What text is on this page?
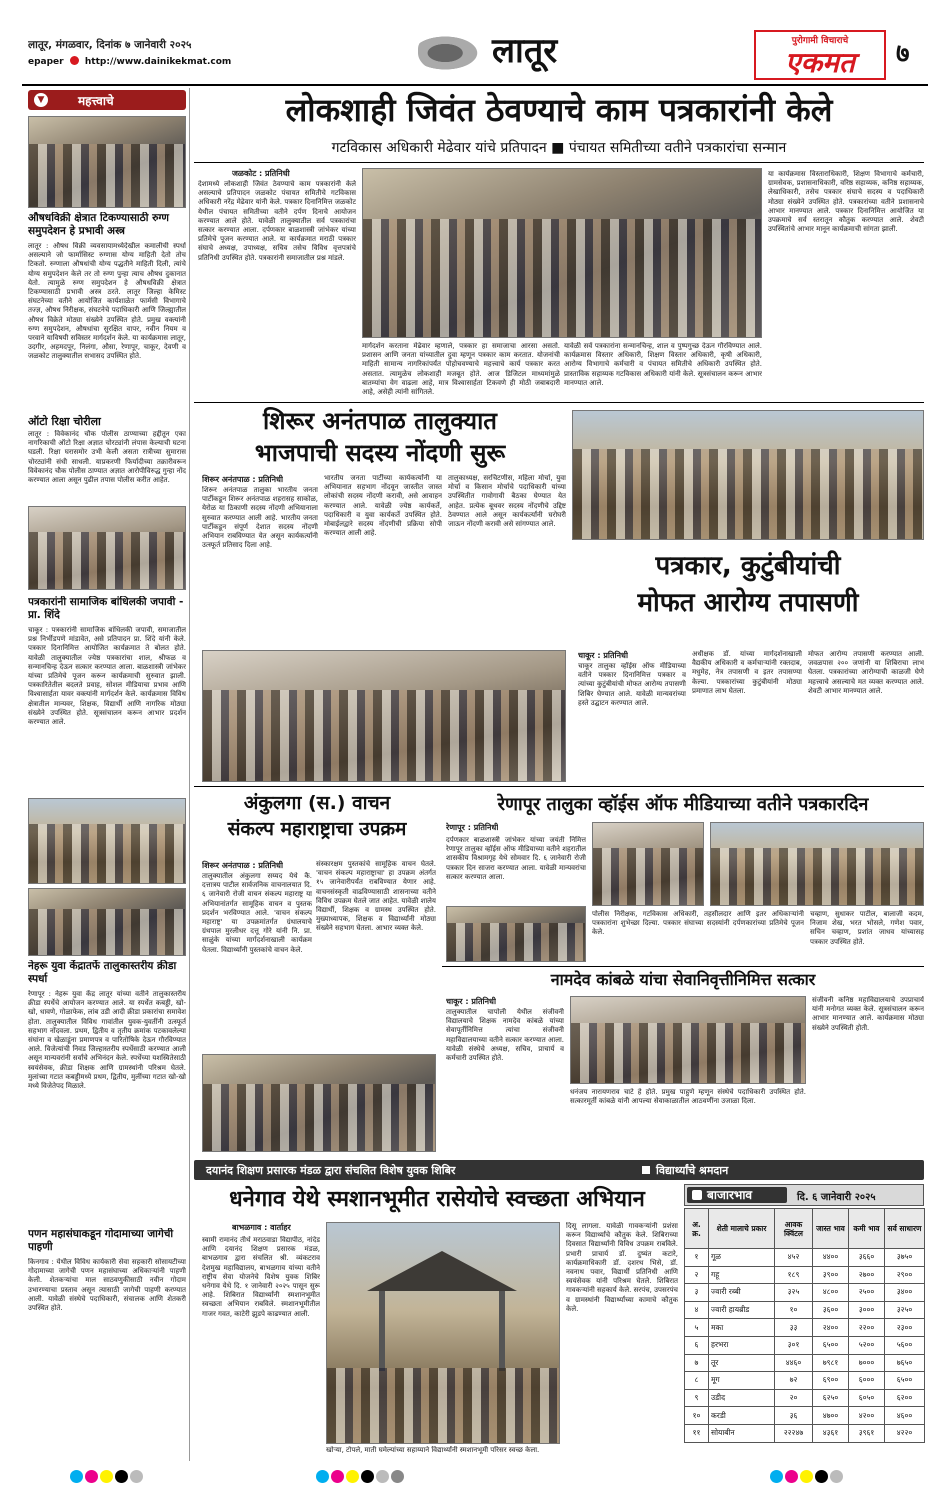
लातूर, मंगळवार, दिनांक ७ जानेवारी २०२५
epaper http://www.dainikekmat.com	लातूर	पुरोगामी विचाराचे
एकमत	७
▼	महत्त्वाचे
औषधविक्री क्षेत्रात टिकण्यासाठी रुग्ण समुपदेशन हे प्रभावी अस्त्र
लातूर : औषध विक्री व्यवसायामध्येदेखील कमालीची स्पर्धा असल्याने जो फार्मासिस्ट रुग्णास योग्य माहिती देतो तोच टिकतो. रुग्णाला औषधांची योग्य पद्धतीने माहिती दिली, त्यांचे योग्य समुपदेशन केले तर तो रुग्ण पुन्हा त्याच औषध दुकानात येतो. त्यामुळे रुग्ण समुपदेशन हे औषधविक्री क्षेत्रात टिकण्यासाठी प्रभावी अस्त्र ठरते. लातूर जिल्हा केमिस्ट संघटनेच्या वतीने आयोजित कार्यशाळेत फार्मसी विभागाचे तज्ज्ञ, औषध निरीक्षक, संघटनेचे पदाधिकारी आणि जिल्ह्यातील औषध विक्रेते मोठ्या संख्येने उपस्थित होते. प्रमुख वक्त्यांनी रुग्ण समुपदेशन, औषधांचा सुरक्षित वापर, नवीन नियम व परवाने याविषयी सविस्तर मार्गदर्शन केले. या कार्यक्रमास लातूर, उदगीर, अहमदपूर, निलंगा, औसा, रेणापूर, चाकूर, देवणी व जळकोट तालुक्यातील सभासद उपस्थित होते.
ऑटो रिक्षा चोरीला
लातूर : विवेकानंद चौक पोलीस ठाण्याच्या हद्दीतून एका नागरिकाची ऑटो रिक्षा अज्ञात चोरट्यांनी लंपास केल्याची घटना घडली. रिक्षा घरासमोर उभी केली असता रात्रीच्या सुमारास चोरट्यांनी संधी साधली. याप्रकरणी फिर्यादीच्या तक्रारीवरून विवेकानंद चौक पोलीस ठाण्यात अज्ञात आरोपीविरुद्ध गुन्हा नोंद करण्यात आला असून पुढील तपास पोलीस करीत आहेत.
पत्रकारांनी सामाजिक बांधिलकी जपावी - प्रा. शिंदे
चाकूर : पत्रकारांनी सामाजिक बांधिलकी जपावी, समाजातील प्रश्न निर्भीडपणे मांडावेत, असे प्रतिपादन प्रा. शिंदे यांनी केले. पत्रकार दिनानिमित्त आयोजित कार्यक्रमात ते बोलत होते. यावेळी तालुक्यातील ज्येष्ठ पत्रकारांचा शाल, श्रीफळ व सन्मानचिन्ह देऊन सत्कार करण्यात आला. बाळशास्त्री जांभेकर यांच्या प्रतिमेचे पूजन करून कार्यक्रमाची सुरुवात झाली. पत्रकारितेतील बदलते प्रवाह, सोशल मीडियाचा प्रभाव आणि विश्वासार्हता यावर वक्त्यांनी मार्गदर्शन केले. कार्यक्रमास विविध क्षेत्रातील मान्यवर, शिक्षक, विद्यार्थी आणि नागरिक मोठ्या संख्येने उपस्थित होते. सूत्रसंचालन करून आभार प्रदर्शन करण्यात आले.
नेहरू युवा केंद्रातर्फे तालुकास्तरीय क्रीडा स्पर्धा
रेणापूर : नेहरू युवा केंद्र लातूर यांच्या वतीने तालुकास्तरीय क्रीडा स्पर्धेचे आयोजन करण्यात आले. या स्पर्धेत कबड्डी, खो-खो, धावणे, गोळाफेक, लांब उडी आदी क्रीडा प्रकारांचा समावेश होता. तालुक्यातील विविध गावांतील युवक-युवतींनी उत्स्फूर्त सहभाग नोंदवला. प्रथम, द्वितीय व तृतीय क्रमांक पटकावलेल्या संघांना व खेळाडूंना प्रमाणपत्र व पारितोषिके देऊन गौरविण्यात आले. विजेत्यांची निवड जिल्हास्तरीय स्पर्धेसाठी करण्यात आली असून मान्यवरांनी सर्वांचे अभिनंदन केले. स्पर्धेच्या यशस्वितेसाठी स्वयंसेवक, क्रीडा शिक्षक आणि ग्रामस्थांनी परिश्रम घेतले. मुलांच्या गटात कबड्डीमध्ये प्रथम, द्वितीय, मुलींच्या गटात खो-खो मध्ये विजेतेपद मिळाले.
पणन महासंघाकडून गोदामाच्या जागेची पाहणी
किनगाव : येथील विविध कार्यकारी सेवा सहकारी सोसायटीच्या गोदामाच्या जागेची पणन महासंघाच्या अधिकाऱ्यांनी पाहणी केली. शेतकऱ्यांचा माल साठवणुकीसाठी नवीन गोदाम उभारण्याचा प्रस्ताव असून त्यासाठी जागेची पाहणी करण्यात आली. यावेळी संस्थेचे पदाधिकारी, संचालक आणि शेतकरी उपस्थित होते.
लोकशाही जिवंत ठेवण्याचे काम पत्रकारांनी केले
गटविकास अधिकारी मेढेवार यांचे प्रतिपादन ■ पंचायत समितीच्या वतीने पत्रकारांचा सन्मान
जळकोट : प्रतिनिधी
देशामध्ये लोकशाही जिवंत ठेवण्याचे काम पत्रकारांनी केले असल्याचे प्रतिपादन जळकोट पंचायत समितीचे गटविकास अधिकारी नरेंद्र मेढेवार यांनी केले. पत्रकार दिनानिमित्त जळकोट येथील पंचायत समितीच्या वतीने दर्पण दिनाचे आयोजन करण्यात आले होते. यावेळी तालुक्यातील सर्व पत्रकारांचा सत्कार करण्यात आला. दर्पणकार बाळशास्त्री जांभेकर यांच्या प्रतिमेचे पूजन करण्यात आले. या कार्यक्रमात मराठी पत्रकार संघाचे अध्यक्ष, उपाध्यक्ष, सचिव तसेच विविध वृत्तपत्रांचे प्रतिनिधी उपस्थित होते. पत्रकारांनी समाजातील प्रश्न मांडले.
मार्गदर्शन करताना मेढेवार म्हणाले, पत्रकार हा समाजाचा आरसा असतो. प्रशासन आणि जनता यांच्यातील दुवा म्हणून पत्रकार काम करतात. योजनांची माहिती सामान्य नागरिकांपर्यंत पोहोचवण्याचे महत्त्वाचे कार्य पत्रकार करत असतात. त्यामुळेच लोकशाही मजबूत होते. आज डिजिटल माध्यमांमुळे बातम्यांचा वेग वाढला आहे, मात्र विश्वासार्हता टिकवणे ही मोठी जबाबदारी आहे, असेही त्यांनी सांगितले.
यावेळी सर्व पत्रकारांना सन्मानचिन्ह, शाल व पुष्पगुच्छ देऊन गौरविण्यात आले. कार्यक्रमास विस्तार अधिकारी, शिक्षण विस्तार अधिकारी, कृषी अधिकारी, आरोग्य विभागाचे कर्मचारी व पंचायत समितीचे अधिकारी उपस्थित होते. प्रास्ताविक सहाय्यक गटविकास अधिकारी यांनी केले. सूत्रसंचालन करून आभार मानण्यात आले.
या कार्यक्रमास विस्ताराधिकारी, शिक्षण विभागाचे कर्मचारी, ग्रामसेवक, प्रशासनाधिकारी, वरिष्ठ सहाय्यक, कनिष्ठ सहाय्यक, लेखाधिकारी, तसेच पत्रकार संघाचे सदस्य व पदाधिकारी मोठ्या संख्येने उपस्थित होते. पत्रकारांच्या वतीने प्रशासनाचे आभार मानण्यात आले. पत्रकार दिनानिमित्त आयोजित या उपक्रमाचे सर्व स्तरातून कौतुक करण्यात आले. शेवटी उपस्थितांचे आभार मानून कार्यक्रमाची सांगता झाली.
शिरूर अनंतपाळ तालुक्यात
भाजपाची सदस्य नोंदणी सुरू
शिरूर अनंतपाळ : प्रतिनिधी
शिरूर अनंतपाळ तालुका भारतीय जनता पार्टीकडून शिरूर अनंतपाळ शहरासह साकोळ, येरोळ या ठिकाणी सदस्य नोंदणी अभियानाला सुरुवात करण्यात आली आहे. भारतीय जनता पार्टीकडून संपूर्ण देशात सदस्य नोंदणी अभियान राबविण्यात येत असून कार्यकर्त्यांनी उत्स्फूर्त प्रतिसाद दिला आहे.
भारतीय जनता पार्टीच्या कार्यकर्त्यांनी या अभियानात सहभाग नोंदवून जास्तीत जास्त लोकांची सदस्य नोंदणी करावी, असे आवाहन करण्यात आले. यावेळी ज्येष्ठ कार्यकर्ते, पदाधिकारी व युवा कार्यकर्ते उपस्थित होते. मोबाईलद्वारे सदस्य नोंदणीची प्रक्रिया सोपी करण्यात आली आहे.
तालुकाध्यक्ष, सरचिटणीस, महिला मोर्चा, युवा मोर्चा व किसान मोर्चाचे पदाधिकारी यांच्या उपस्थितीत गावोगावी बैठका घेण्यात येत आहेत. प्रत्येक बूथवर सदस्य नोंदणीचे उद्दिष्ट ठेवण्यात आले असून कार्यकर्त्यांनी घरोघरी जाऊन नोंदणी करावी असे सांगण्यात आले.
पत्रकार, कुटुंबीयांची
मोफत आरोग्य तपासणी
चाकूर : प्रतिनिधी
चाकूर तालुका व्हॉईस ऑफ मीडियाच्या वतीने पत्रकार दिनानिमित्त पत्रकार व त्यांच्या कुटुंबीयांची मोफत आरोग्य तपासणी शिबिर घेण्यात आले. यावेळी मान्यवरांच्या हस्ते उद्घाटन करण्यात आले.
अधीक्षक डॉ. यांच्या मार्गदर्शनाखाली वैद्यकीय अधिकारी व कर्मचाऱ्यांनी रक्तदाब, मधुमेह, नेत्र तपासणी व इतर तपासण्या केल्या. पत्रकारांच्या कुटुंबीयांनी मोठ्या प्रमाणात लाभ घेतला.
मोफत आरोग्य तपासणी करण्यात आली. जवळपास २०० जणांनी या शिबिराचा लाभ घेतला. पत्रकारांच्या आरोग्याची काळजी घेणे महत्त्वाचे असल्याचे मत व्यक्त करण्यात आले. शेवटी आभार मानण्यात आले.
अंकुलगा (स.) वाचन
संकल्प महाराष्ट्राचा उपक्रम
शिरूर अनंतपाळ : प्रतिनिधी
तालुक्यातील अंकुलगा सय्यद येथे कै. दत्तात्रय पाटील सार्वजनिक वाचनालयात दि. ६ जानेवारी रोजी वाचन संकल्प महाराष्ट्र या अभियानांतर्गत सामूहिक वाचन व पुस्तक प्रदर्शन भरविण्यात आले. 'वाचन संकल्प महाराष्ट्र' या उपक्रमांतर्गत ग्रंथालयाचे ग्रंथपाल मुरलीधर दत्तू गोरे यांनी नि. प्रा. साळुंके यांच्या मार्गदर्शनाखाली कार्यक्रम घेतला. विद्यार्थ्यांनी पुस्तकांचे वाचन केले.
संस्कारक्षम पुस्तकांचे सामूहिक वाचन घेतले. 'वाचन संकल्प महाराष्ट्राचा' हा उपक्रम अंतर्गत १५ जानेवारीपर्यंत राबविण्यात येणार आहे. वाचनसंस्कृती वाढविण्यासाठी शासनाच्या वतीने विविध उपक्रम घेतले जात आहेत. यावेळी शालेय विद्यार्थी, शिक्षक व ग्रामस्थ उपस्थित होते. मुख्याध्यापक, शिक्षक व विद्यार्थ्यांनी मोठ्या संख्येने सहभाग घेतला. आभार व्यक्त केले.
रेणापूर तालुका व्हॉईस ऑफ मीडियाच्या वतीने पत्रकारदिन
रेणापूर : प्रतिनिधी
दर्पणकार बाळशास्त्री जांभेकर यांच्या जयंती निमित्त रेणापूर तालुका व्हॉईस ऑफ मीडियाच्या वतीने शहरातील शासकीय विश्रामगृह येथे सोमवार दि. ६ जानेवारी रोजी पत्रकार दिन साजरा करण्यात आला. यावेळी मान्यवरांचा सत्कार करण्यात आला.
पोलीस निरीक्षक, गटविकास अधिकारी, तहसीलदार आणि इतर अधिकाऱ्यांनी पत्रकारांना शुभेच्छा दिल्या. पत्रकार संघाच्या सदस्यांनी दर्पणकारांच्या प्रतिमेचे पूजन केले.
चव्हाण, सुधाकर पाटील, बालाजी कदम, निजाम शेख, भरत भोसले, गणेश पवार, सचिन चव्हाण, प्रशांत जाधव यांच्यासह पत्रकार उपस्थित होते.
नामदेव कांबळे यांचा सेवानिवृत्तीनिमित्त सत्कार
चाकूर : प्रतिनिधी
तालुक्यातील चापोली येथील संजीवनी विद्यालयाचे शिक्षक नामदेव कांबळे यांच्या सेवापूर्तीनिमित्त त्यांचा संजीवनी महाविद्यालयाच्या वतीने सत्कार करण्यात आला. यावेळी संस्थेचे अध्यक्ष, सचिव, प्राचार्य व कर्मचारी उपस्थित होते.
धनंजय नारायणराव चाटे हे होते. प्रमुख पाहुणे म्हणून संस्थेचे पदाधिकारी उपस्थित होते. सत्कारमूर्ती कांबळे यांनी आपल्या सेवाकाळातील आठवणींना उजाळा दिला.
संजीवनी कनिष्ठ महाविद्यालयाचे उपप्राचार्य यांनी मनोगत व्यक्त केले. सूत्रसंचालन करून आभार मानण्यात आले. कार्यक्रमास मोठ्या संख्येने उपस्थिती होती.
दयानंद शिक्षण प्रसारक मंडळ द्वारा संचलित विशेष युवक शिबिर	विद्यार्थ्यांचे श्रमदान
धनेगाव येथे स्मशानभूमीत रासेयोचे स्वच्छता अभियान
बाभळगाव : वार्ताहर
स्वामी रामानंद तीर्थ मराठवाडा विद्यापीठ, नांदेड आणि दयानंद शिक्षण प्रसारक मंडळ, बाभळगाव द्वारा संचलित श्री. व्यंकटराव देशमुख महाविद्यालय, बाभळगाव यांच्या वतीने राष्ट्रीय सेवा योजनेचे विशेष युवक शिबिर धनेगाव येथे दि. १ जानेवारी २०२५ पासून सुरू आहे. शिबिरात विद्यार्थ्यांनी स्मशानभूमीत स्वच्छता अभियान राबविले. स्मशानभूमीतील गाजर गवत, काटेरी झुडपे काढण्यात आली.
खोऱ्या, टोपले, माती घमेल्यांच्या सहाय्याने विद्यार्थ्यांनी स्मशानभूमी परिसर स्वच्छ केला.
दिसू लागला. यावेळी गावकऱ्यांनी प्रशंसा करून विद्यार्थ्यांचे कौतुक केले. शिबिराच्या दिवसात विद्यार्थ्यांनी विविध उपक्रम राबविले. प्रभारी प्राचार्य डॉ. दुष्यंत कटारे, कार्यक्रमाधिकारी डॉ. दशरथ भिसे, डॉ. नवनाथ पवार, विद्यार्थी प्रतिनिधी आणि स्वयंसेवक यांनी परिश्रम घेतले. शिबिरात गावकऱ्यांनी सहकार्य केले. सरपंच, उपसरपंच व ग्रामस्थांनी विद्यार्थ्यांच्या कामाचे कौतुक केले.
बाजारभाव	दि. ६ जानेवारी २०२५
अ. क्र.	शेती मालाचे प्रकार	आवक क्विंटल	जास्त भाव	कमी भाव	सर्व साधारण
१	गूळ	४५२	४४००	३६६०	३७५०
२	गहू	१८९	३९००	२७००	२९००
३	ज्वारी रब्बी	३२५	४८००	२५००	३४००
४	ज्वारी हायब्रीड	१०	३६००	३०००	३२५०
५	मका	३३	२४००	२२००	२३००
६	हरभरा	३०१	६५००	५२००	५६००
७	तूर	४४६०	७९८१	७०००	७६५०
८	मूग	७२	६९००	६०००	६५००
९	उडीद	२०	६२५०	६०५०	६२००
१०	करडी	३६	४७००	४२००	४६००
११	सोयाबीन	२२२४७	४३६१	३९६१	४२२०
